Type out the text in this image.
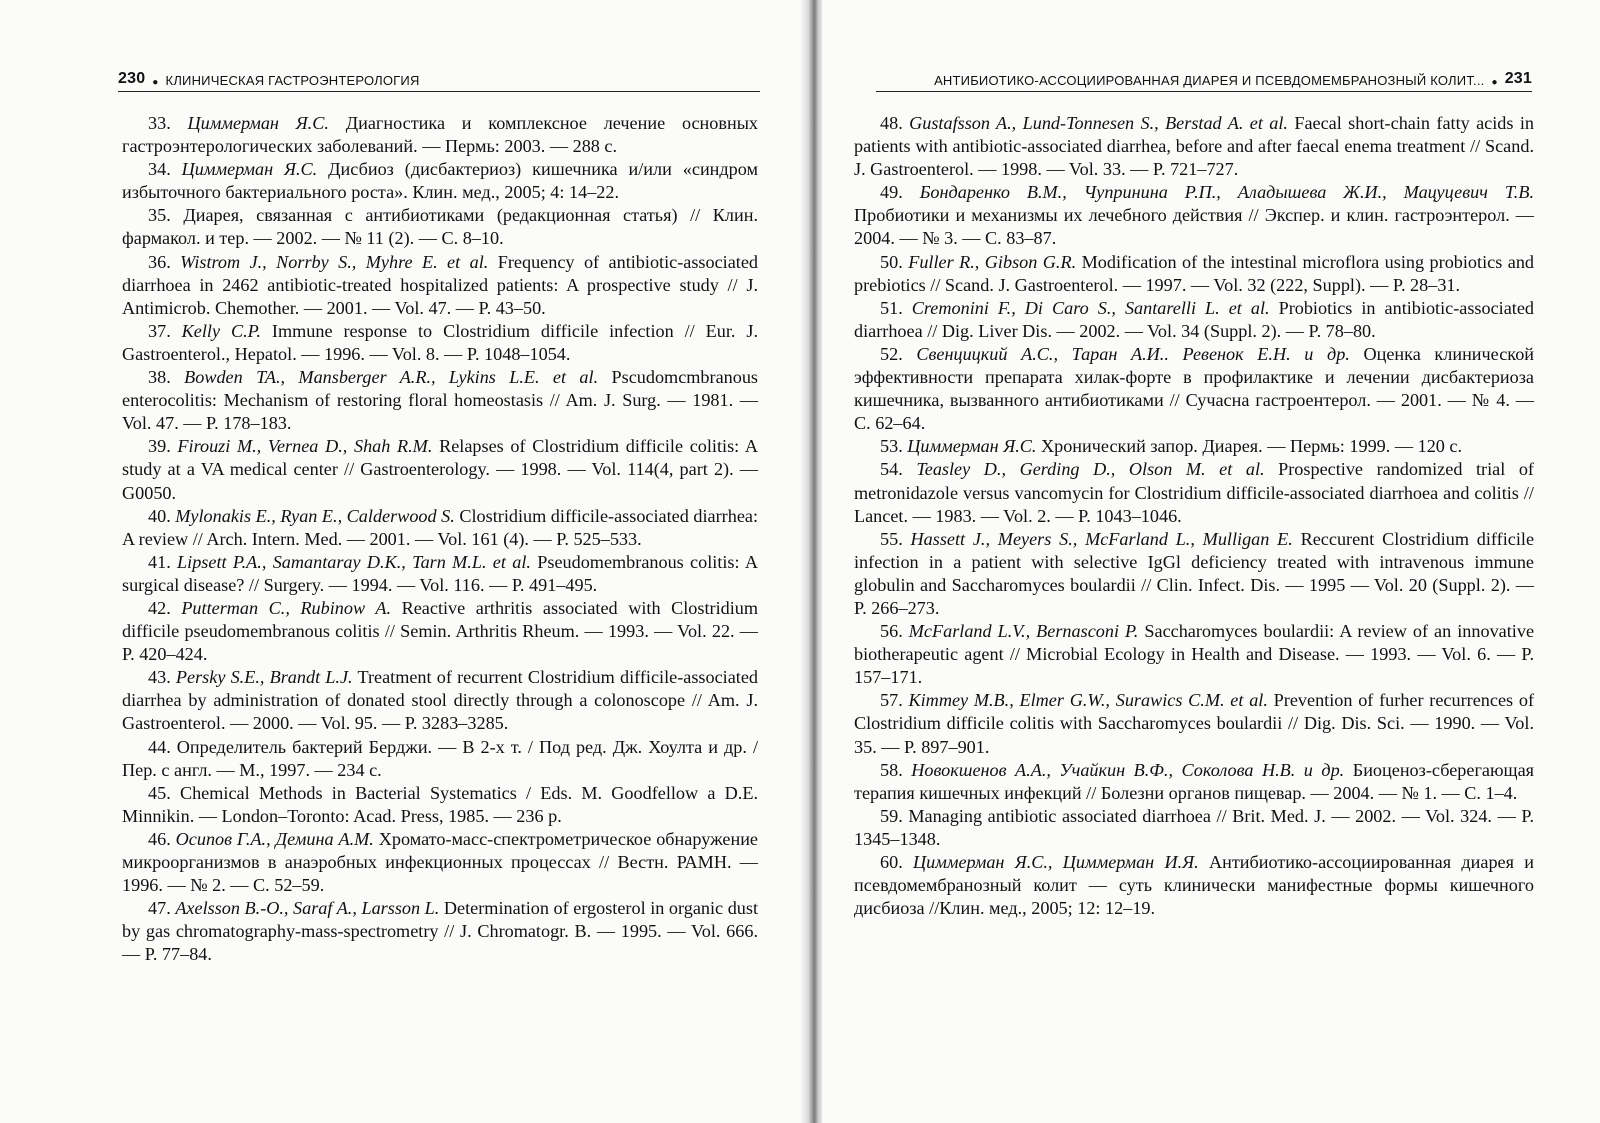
230 ● КЛИНИЧЕСКАЯ ГАСТРОЭНТЕРОЛОГИЯ
33. Циммерман Я.С. Диагностика и комплексное лечение основных гастроэнтерологических заболеваний. — Пермь: 2003. — 288 с.
34. Циммерман Я.С. Дисбиоз (дисбактериоз) кишечника и/или «синдром избыточного бактериального роста». Клин. мед., 2005; 4: 14–22.
35. Диарея, связанная с антибиотиками (редакционная статья) // Клин. фармакол. и тер. — 2002. — № 11 (2). — С. 8–10.
36. Wistrom J., Norrby S., Myhre E. et al. Frequency of antibiotic-associated diarrhoea in 2462 antibiotic-treated hospitalized patients: A prospective study // J. Antimicrob. Chemother. — 2001. — Vol. 47. — P. 43–50.
37. Kelly C.P. Immune response to Clostridium difficile infection // Eur. J. Gastroenterol., Hepatol. — 1996. — Vol. 8. — P. 1048–1054.
38. Bowden TA., Mansberger A.R., Lykins L.E. et al. Pscudomcmbranous enterocolitis: Mechanism of restoring floral homeostasis // Am. J. Surg. — 1981. — Vol. 47. — P. 178–183.
39. Firouzi M., Vernea D., Shah R.M. Relapses of Clostridium difficile colitis: A study at a VA medical center // Gastroenterology. — 1998. — Vol. 114(4, part 2). — G0050.
40. Mylonakis E., Ryan E., Calderwood S. Clostridium difficile-associated diarrhea: A review // Arch. Intern. Med. — 2001. — Vol. 161 (4). — P. 525–533.
41. Lipsett P.A., Samantaray D.K., Tarn M.L. et al. Pseudomembranous colitis: A surgical disease? // Surgery. — 1994. — Vol. 116. — P. 491–495.
42. Putterman C., Rubinow A. Reactive arthritis associated with Clostridium difficile pseudomembranous colitis // Semin. Arthritis Rheum. — 1993. — Vol. 22. — P. 420–424.
43. Persky S.E., Brandt L.J. Treatment of recurrent Clostridium difficile-associated diarrhea by administration of donated stool directly through a colonoscope // Am. J. Gastroenterol. — 2000. — Vol. 95. — P. 3283–3285.
44. Определитель бактерий Берджи. — В 2-х т. / Под ред. Дж. Хоулта и др. / Пер. с англ. — М., 1997. — 234 с.
45. Chemical Methods in Bacterial Systematics / Eds. M. Goodfellow a D.E. Minnikin. — London–Toronto: Acad. Press, 1985. — 236 p.
46. Осипов Г.А., Демина А.М. Хромато-масс-спектрометрическое обнаружение микроорганизмов в анаэробных инфекционных процессах // Вестн. РАМН. — 1996. — № 2. — С. 52–59.
47. Axelsson B.-O., Saraf A., Larsson L. Determination of ergosterol in organic dust by gas chromatography-mass-spectrometry // J. Chromatogr. B. — 1995. — Vol. 666. — P. 77–84.
АНТИБИОТИКО-АССОЦИИРОВАННАЯ ДИАРЕЯ И ПСЕВДОМЕМБРАНОЗНЫЙ КОЛИТ... ● 231
48. Gustafsson A., Lund-Tonnesen S., Berstad A. et al. Faecal short-chain fatty acids in patients with antibiotic-associated diarrhea, before and after faecal enema treatment // Scand. J. Gastroenterol. — 1998. — Vol. 33. — P. 721–727.
49. Бондаренко В.М., Чупринина Р.П., Аладышева Ж.И., Мацуцевич Т.В. Пробиотики и механизмы их лечебного действия // Экспер. и клин. гастроэнтерол. — 2004. — № 3. — С. 83–87.
50. Fuller R., Gibson G.R. Modification of the intestinal microflora using probiotics and prebiotics // Scand. J. Gastroenterol. — 1997. — Vol. 32 (222, Suppl). — P. 28–31.
51. Cremonini F., Di Caro S., Santarelli L. et al. Probiotics in antibiotic-associated diarrhoea // Dig. Liver Dis. — 2002. — Vol. 34 (Suppl. 2). — P. 78–80.
52. Свенцицкий А.С., Таран А.И.. Ревенок Е.Н. и др. Оценка клинической эффективности препарата хилак-форте в профилактике и лечении дисбактериоза кишечника, вызванного антибиотиками // Сучасна гастроентерол. — 2001. — № 4. — С. 62–64.
53. Циммерман Я.С. Хронический запор. Диарея. — Пермь: 1999. — 120 с.
54. Teasley D., Gerding D., Olson M. et al. Prospective randomized trial of metronidazole versus vancomycin for Clostridium difficile-associated diarrhoea and colitis // Lancet. — 1983. — Vol. 2. — P. 1043–1046.
55. Hassett J., Meyers S., McFarland L., Mulligan E. Reccurent Clostridium difficile infection in a patient with selective IgGl deficiency treated with intravenous immune globulin and Saccharomyces boulardii // Clin. Infect. Dis. — 1995 — Vol. 20 (Suppl. 2). — P. 266–273.
56. McFarland L.V., Bernasconi P. Saccharomyces boulardii: A review of an innovative biotherapeutic agent // Microbial Ecology in Health and Disease. — 1993. — Vol. 6. — P. 157–171.
57. Kimmey M.B., Elmer G.W., Surawics C.M. et al. Prevention of furher recurrences of Clostridium difficile colitis with Saccharomyces boulardii // Dig. Dis. Sci. — 1990. — Vol. 35. — P. 897–901.
58. Новокшенов А.А., Учайкин В.Ф., Соколова Н.В. и др. Биоценоз-сберегающая терапия кишечных инфекций // Болезни органов пищевар. — 2004. — № 1. — С. 1–4.
59. Managing antibiotic associated diarrhoea // Brit. Med. J. — 2002. — Vol. 324. — P. 1345–1348.
60. Циммерман Я.С., Циммерман И.Я. Антибиотико-ассоциированная диарея и псевдомембранозный колит — суть клинически манифестные формы кишечного дисбиоза //Клин. мед., 2005; 12: 12–19.
